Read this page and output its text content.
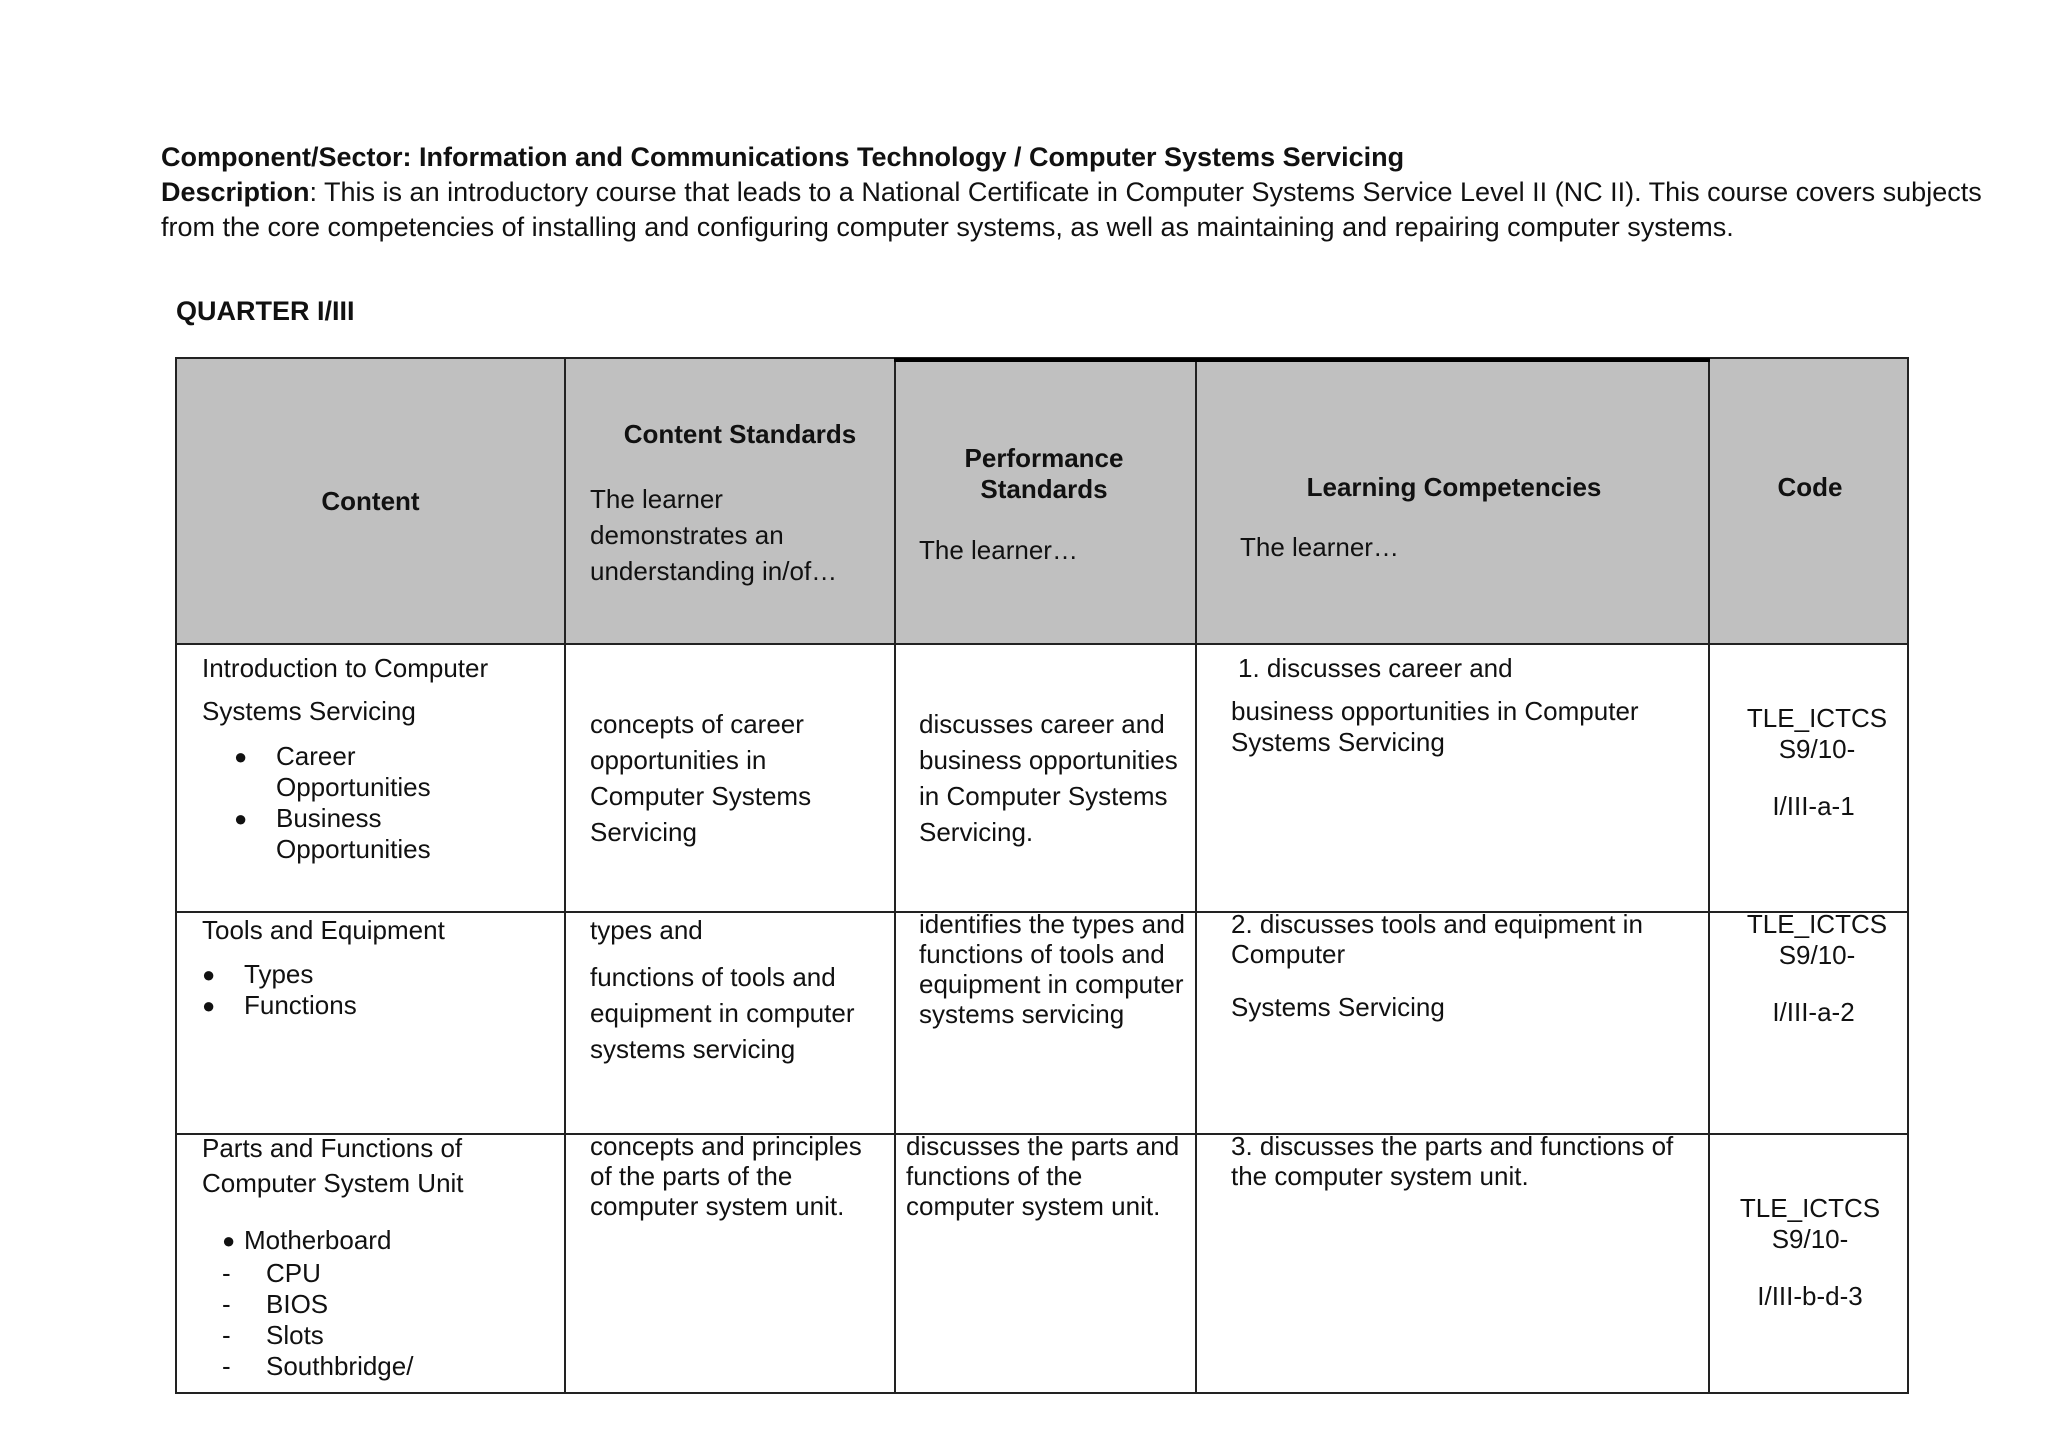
Component/Sector: Information and Communications Technology / Computer Systems Servicing
Description: This is an introductory course that leads to a National Certificate in Computer Systems Service Level II (NC II). This course covers subjects from the core competencies of installing and configuring computer systems, as well as maintaining and repairing computer systems.
QUARTER I/III
Content
Content Standards
The learner demonstrates an understanding in/of…
Performance Standards
The learner…
Learning Competencies
The learner…
Code
Introduction to Computer
Systems Servicing
● Career Opportunities
● Business Opportunities
concepts of career opportunities in Computer Systems Servicing
discusses career and business opportunities in Computer Systems Servicing.
1. discusses career and
business opportunities in Computer Systems Servicing
TLE_ICTCS S9/10-
I/III-a-1
Tools and Equipment
● Types
● Functions
types and
functions of tools and equipment in computer systems servicing
identifies the types and functions of tools and equipment in computer systems servicing
2. discusses tools and equipment in Computer
Systems Servicing
TLE_ICTCS S9/10-
I/III-a-2
Parts and Functions of Computer System Unit
● Motherboard
- CPU
- BIOS
- Slots
- Southbridge/
concepts and principles of the parts of the computer system unit.
discusses the parts and functions of the computer system unit.
3. discusses the parts and functions of the computer system unit.
TLE_ICTCS S9/10-
I/III-b-d-3
